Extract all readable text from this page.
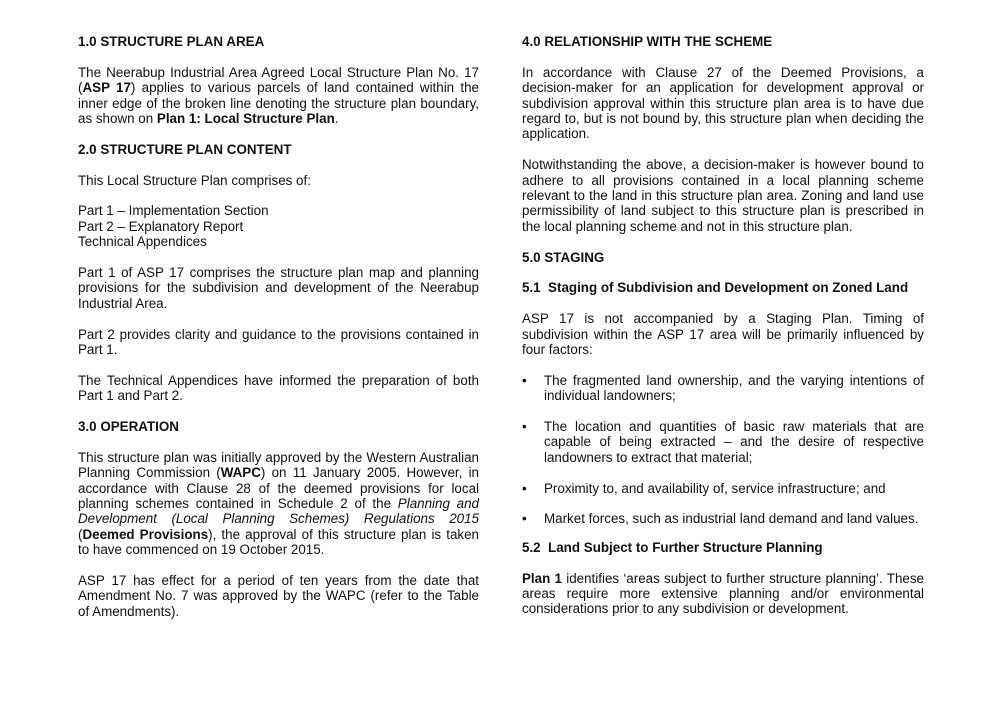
1.0 STRUCTURE PLAN AREA

The Neerabup Industrial Area Agreed Local Structure Plan No. 17 (ASP 17) applies to various parcels of land contained within the inner edge of the broken line denoting the structure plan boundary, as shown on Plan 1: Local Structure Plan.

2.0 STRUCTURE PLAN CONTENT

This Local Structure Plan comprises of:

Part 1 – Implementation Section
Part 2 – Explanatory Report
Technical Appendices

Part 1 of ASP 17 comprises the structure plan map and planning provisions for the subdivision and development of the Neerabup Industrial Area.

Part 2 provides clarity and guidance to the provisions contained in Part 1.

The Technical Appendices have informed the preparation of both Part 1 and Part 2.

3.0 OPERATION

This structure plan was initially approved by the Western Australian Planning Commission (WAPC) on 11 January 2005. However, in accordance with Clause 28 of the deemed provisions for local planning schemes contained in Schedule 2 of the Planning and Development (Local Planning Schemes) Regulations 2015 (Deemed Provisions), the approval of this structure plan is taken to have commenced on 19 October 2015.

ASP 17 has effect for a period of ten years from the date that Amendment No. 7 was approved by the WAPC (refer to the Table of Amendments).

4.0 RELATIONSHIP WITH THE SCHEME

In accordance with Clause 27 of the Deemed Provisions, a decision-maker for an application for development approval or subdivision approval within this structure plan area is to have due regard to, but is not bound by, this structure plan when deciding the application.

Notwithstanding the above, a decision-maker is however bound to adhere to all provisions contained in a local planning scheme relevant to the land in this structure plan area. Zoning and land use permissibility of land subject to this structure plan is prescribed in the local planning scheme and not in this structure plan.

5.0 STAGING
5.1  Staging of Subdivision and Development on Zoned Land

ASP 17 is not accompanied by a Staging Plan. Timing of subdivision within the ASP 17 area will be primarily influenced by four factors:

• The fragmented land ownership, and the varying intentions of individual landowners;
• The location and quantities of basic raw materials that are capable of being extracted – and the desire of respective landowners to extract that material;
• Proximity to, and availability of, service infrastructure; and
• Market forces, such as industrial land demand and land values.
5.2  Land Subject to Further Structure Planning

Plan 1 identifies ‘areas subject to further structure planning’. These areas require more extensive planning and/or environmental considerations prior to any subdivision or development.
